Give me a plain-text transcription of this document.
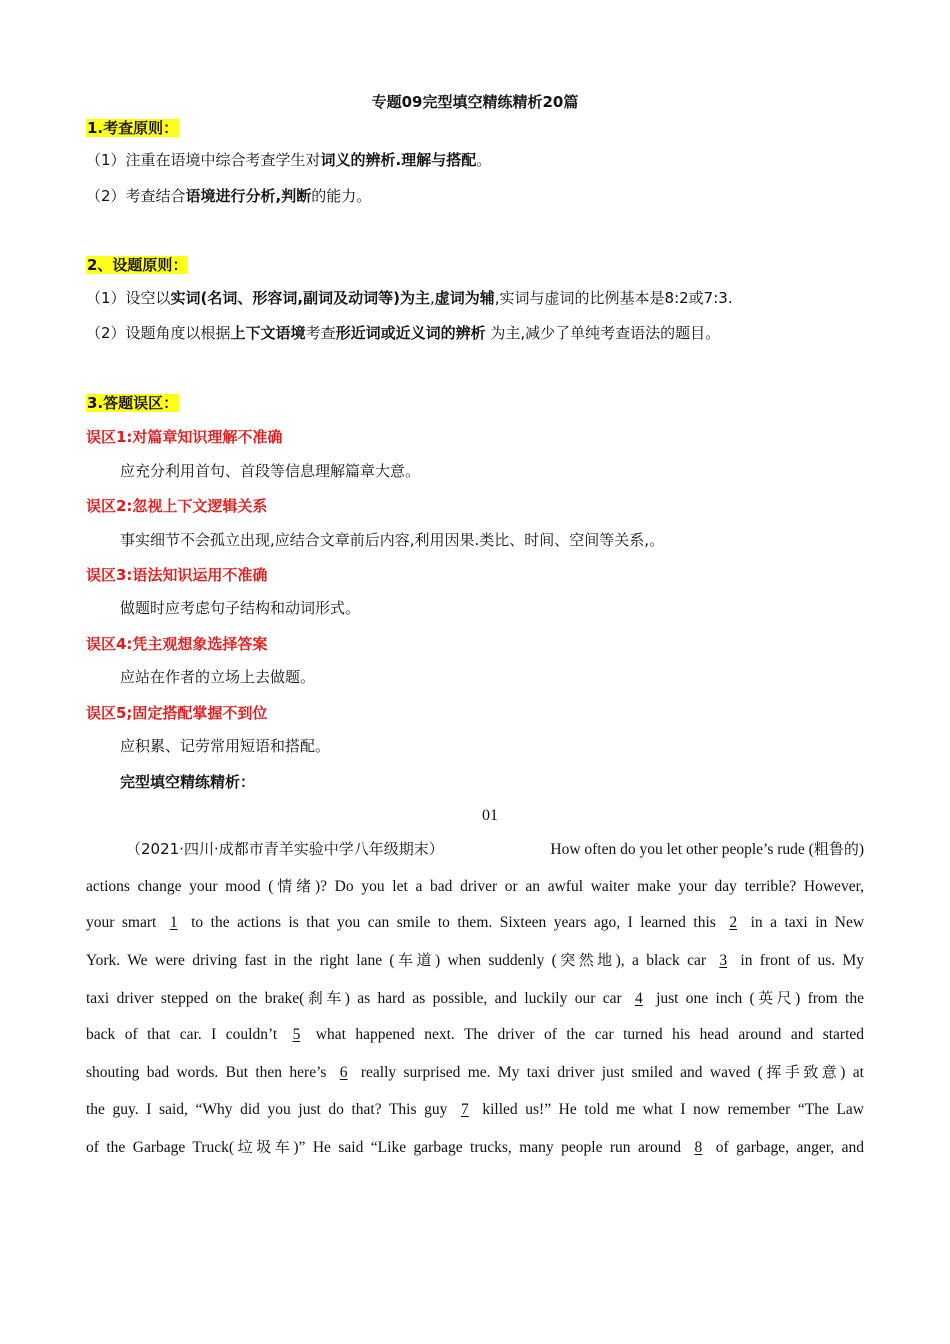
专题09完型填空精练精析20篇
1.考查原则：
（1）注重在语境中综合考查学生对词义的辨析.理解与搭配。
（2）考查结合语境进行分析,判断的能力。
2、设题原则：
（1）设空以实词(名词、形容词,副词及动词等)为主,虚词为辅,实词与虚词的比例基本是8:2或7:3.
（2）设题角度以根据上下文语境考查形近词或近义词的辨析 为主,减少了单纯考查语法的题目。
3.答题误区：
误区1:对篇章知识理解不准确
应充分利用首句、首段等信息理解篇章大意。
误区2:忽视上下文逻辑关系
事实细节不会孤立出现,应结合文章前后内容,利用因果.类比、时间、空间等关系,。
误区3:语法知识运用不准确
做题时应考虑句子结构和动词形式。
误区4:凭主观想象选择答案
应站在作者的立场上去做题。
误区5;固定搭配掌握不到位
应积累、记劳常用短语和搭配。
完型填空精练精析：
01
（2021·四川·成都市青羊实验中学八年级期末）	How often do you let other people’s rude (粗鲁的)
actions change your mood (情绪)? Do you let a bad driver or an awful waiter make your day terrible? However,
your smart 1 to the actions is that you can smile to them. Sixteen years ago, I learned this 2 in a taxi in New
York. We were driving fast in the right lane (车道) when suddenly (突然地), a black car 3 in front of us. My
taxi driver stepped on the brake(刹车) as hard as possible, and luckily our car 4 just one inch (英尺) from the
back of that car. I couldn’t 5 what happened next. The driver of the car turned his head around and started
shouting bad words. But then here’s 6 really surprised me. My taxi driver just smiled and waved (挥手致意) at
the guy. I said, “Why did you just do that? This guy 7 killed us!” He told me what I now remember “The Law
of the Garbage Truck(垃圾车)” He said “Like garbage trucks, many people run around 8 of garbage, anger, and
